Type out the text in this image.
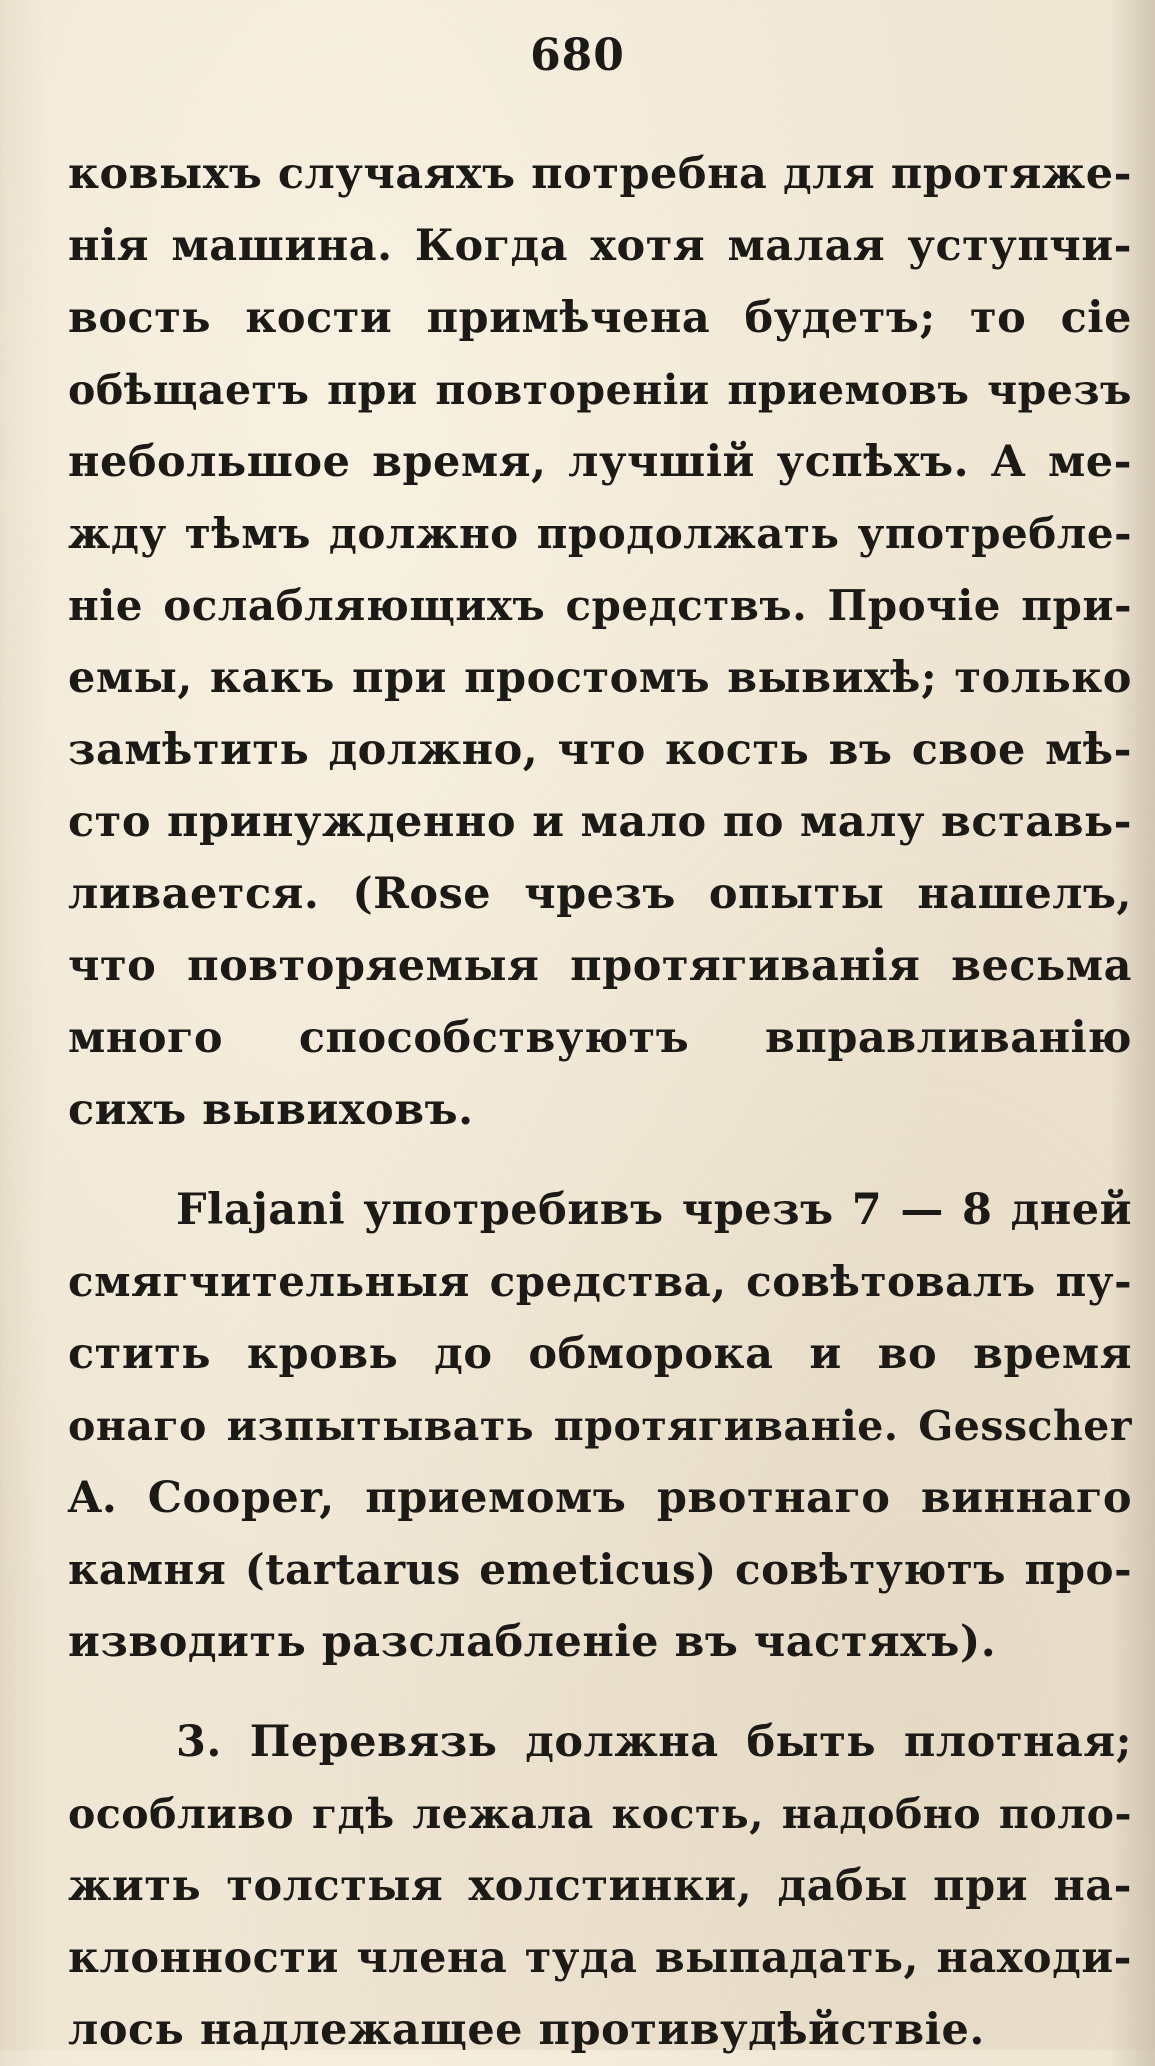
680
ковыхъ случаяхъ потребна для протяже-
нія машина. Когда хотя малая уступчи-
вость кости примѣчена будетъ; то сіе
обѣщаетъ при повтореніи приемовъ чрезъ
небольшое время, лучшій успѣхъ. А ме-
жду тѣмъ должно продолжать употребле-
ніе ослабляющихъ средствъ. Прочіе при-
емы, какъ при простомъ вывихѣ; только
замѣтить должно, что кость въ свое мѣ-
сто принужденно и мало по малу вставь-
ливается. (Rose чрезъ опыты нашелъ,
что повторяемыя протягиванія весьма
много способствуютъ вправливанію
сихъ вывиховъ.
Flajani употребивъ чрезъ 7 — 8 дней
смягчительныя средства, совѣтовалъ пу-
стить кровь до обморока и во время
онаго изпытывать протягиваніе. Gesscher
A. Cooper, приемомъ рвотнаго виннаго
камня (tartarus emeticus) совѣтуютъ про-
изводить разслабленіе въ частяхъ).
3. Перевязь должна быть плотная;
особливо гдѣ лежала кость, надобно поло-
жить толстыя холстинки, дабы при на-
клонности члена туда выпадать, находи-
лось надлежащее противудѣйствіе.
